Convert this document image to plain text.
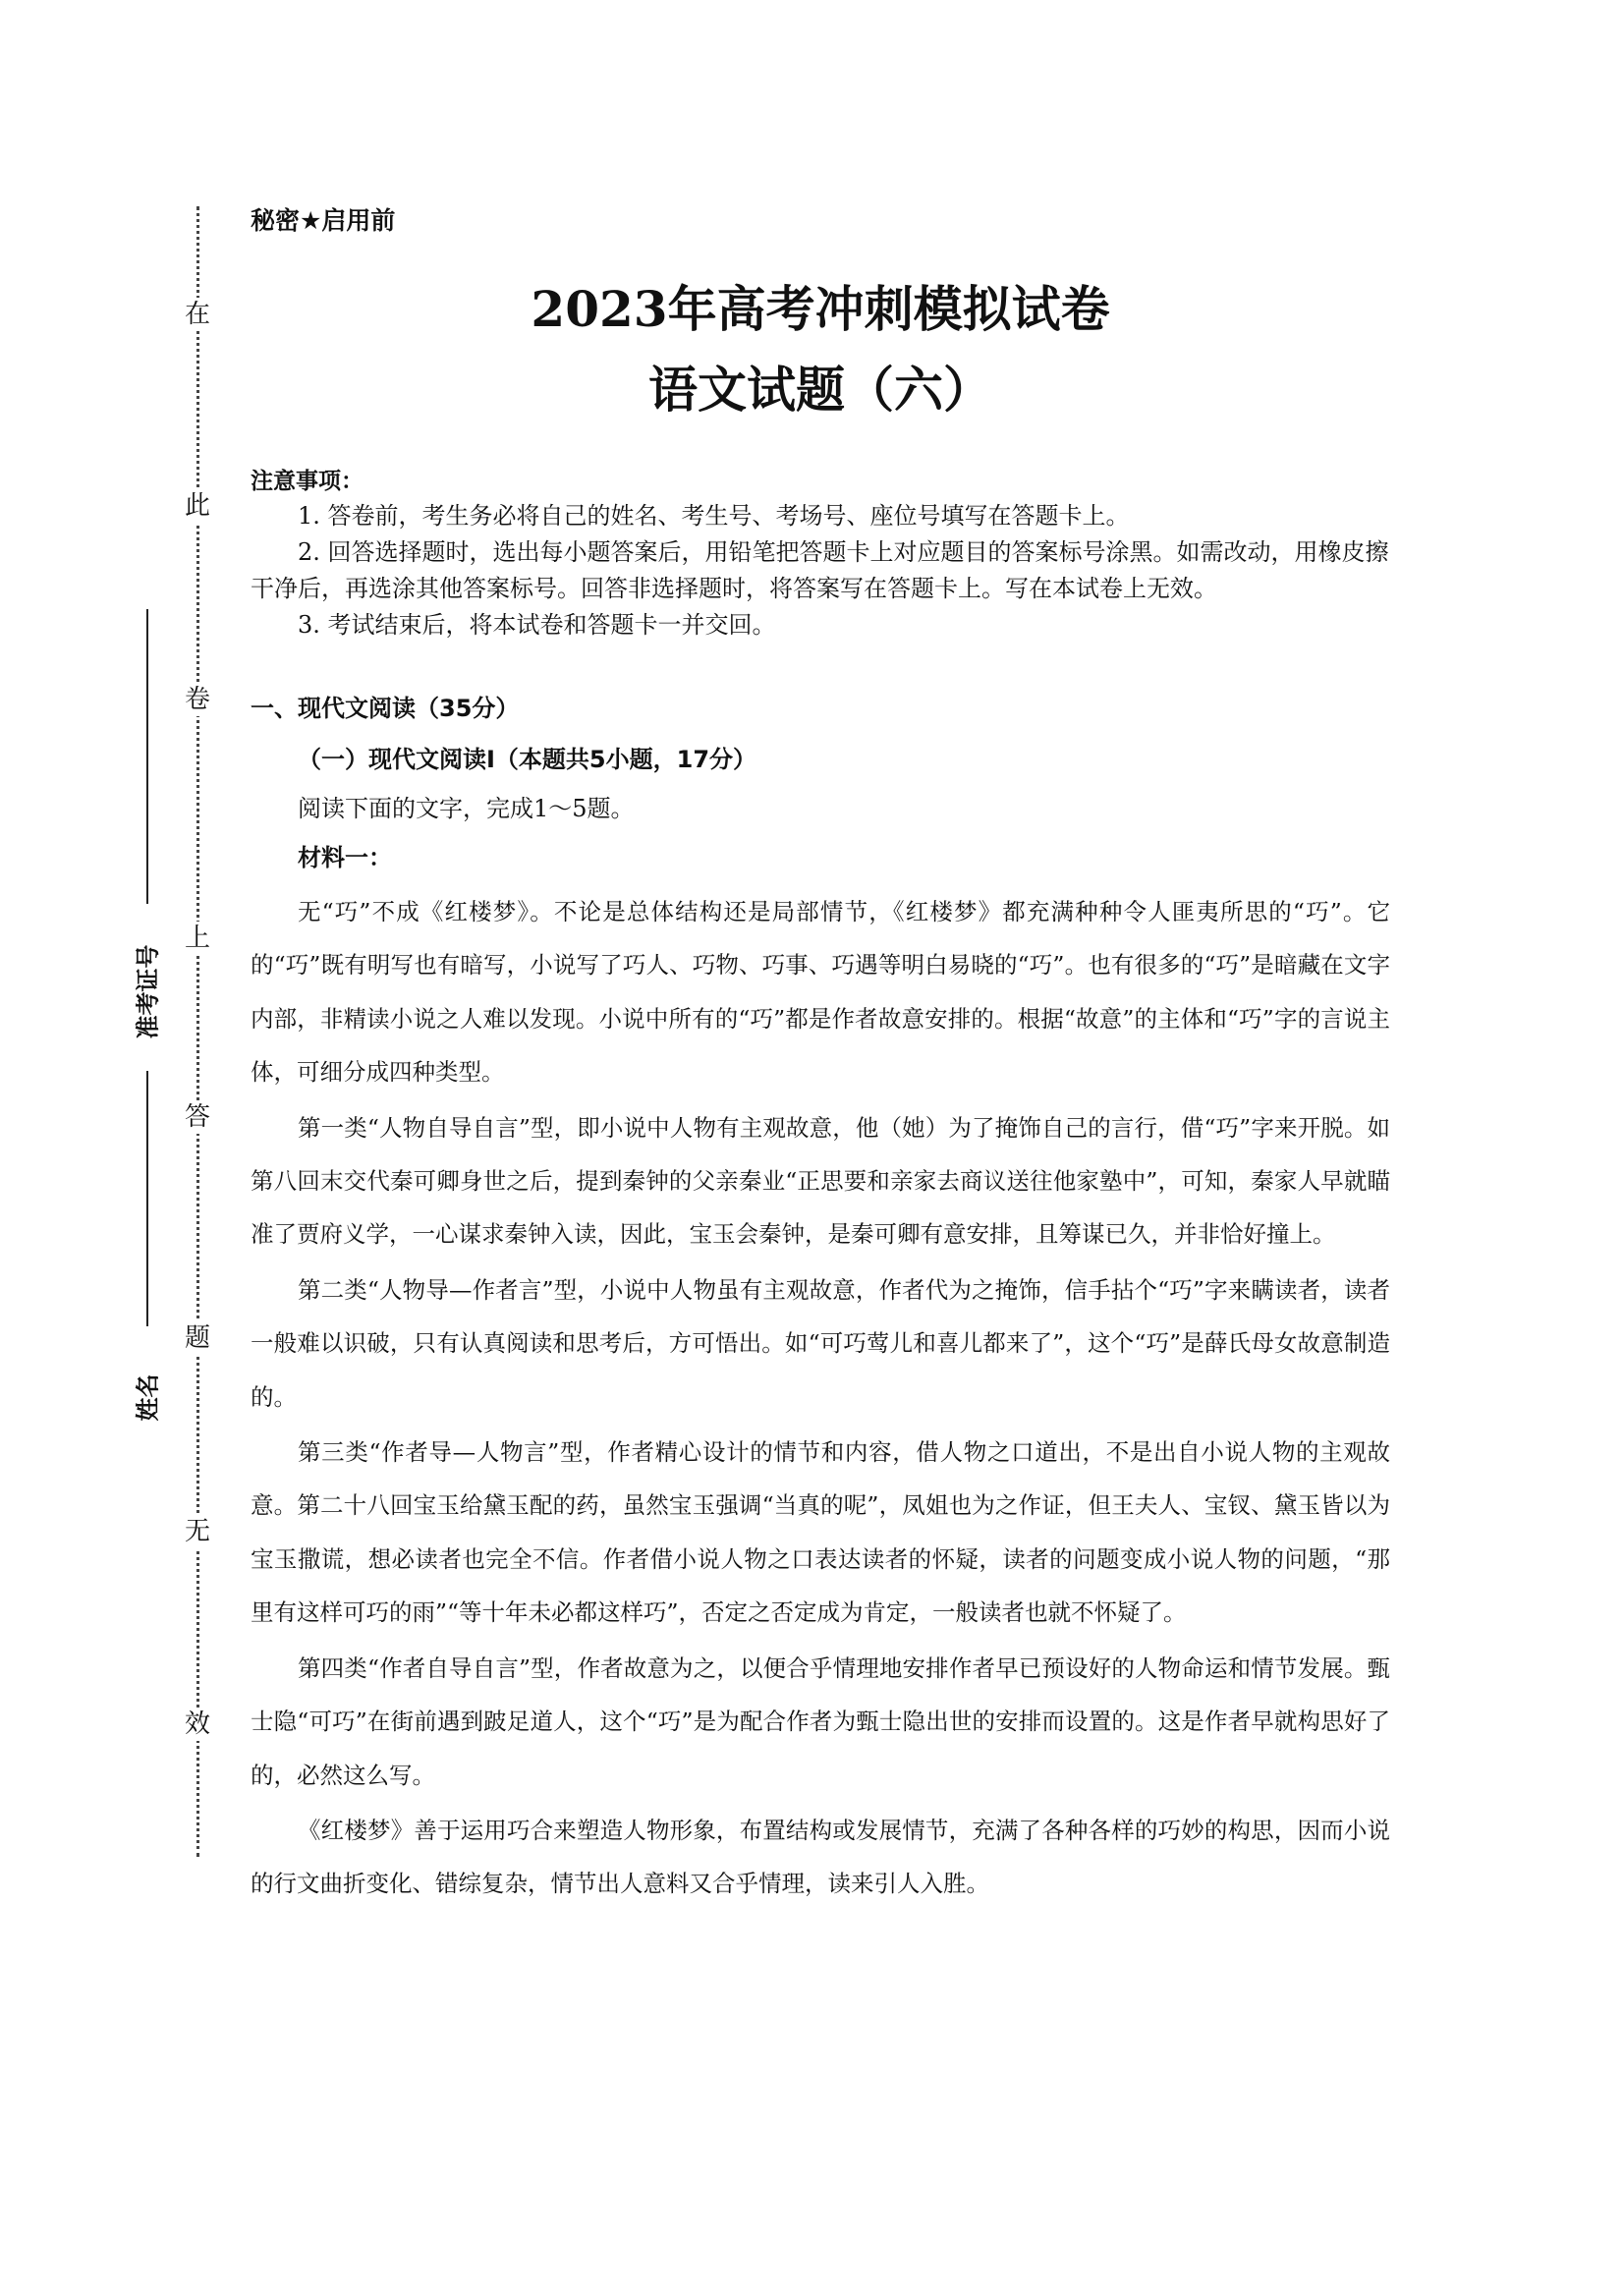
在
此
卷
上
答
题
无
效
准考证号
姓名

秘密★启用前

2023年高考冲刺模拟试卷
语文试题（六）

注意事项：

1. 答卷前，考生务必将自己的姓名、考生号、考场号、座位号填写在答题卡上。

2. 回答选择题时，选出每小题答案后，用铅笔把答题卡上对应题目的答案标号涂黑。如需改动，用橡皮擦干净后，再选涂其他答案标号。回答非选择题时，将答案写在答题卡上。写在本试卷上无效。

3. 考试结束后，将本试卷和答题卡一并交回。

一、现代文阅读（35分）

（一）现代文阅读Ⅰ（本题共5小题，17分）

阅读下面的文字，完成1～5题。

材料一：

无“巧”不成《红楼梦》。不论是总体结构还是局部情节，《红楼梦》都充满种种令人匪夷所思的“巧”。它的“巧”既有明写也有暗写，小说写了巧人、巧物、巧事、巧遇等明白易晓的“巧”。也有很多的“巧”是暗藏在文字内部，非精读小说之人难以发现。小说中所有的“巧”都是作者故意安排的。根据“故意”的主体和“巧”字的言说主体，可细分成四种类型。

第一类“人物自导自言”型，即小说中人物有主观故意，他（她）为了掩饰自己的言行，借“巧”字来开脱。如第八回末交代秦可卿身世之后，提到秦钟的父亲秦业“正思要和亲家去商议送往他家塾中”，可知，秦家人早就瞄准了贾府义学，一心谋求秦钟入读，因此，宝玉会秦钟，是秦可卿有意安排，且筹谋已久，并非恰好撞上。

第二类“人物导—作者言”型，小说中人物虽有主观故意，作者代为之掩饰，信手拈个“巧”字来瞒读者，读者一般难以识破，只有认真阅读和思考后，方可悟出。如“可巧莺儿和喜儿都来了”，这个“巧”是薛氏母女故意制造的。

第三类“作者导—人物言”型，作者精心设计的情节和内容，借人物之口道出，不是出自小说人物的主观故意。第二十八回宝玉给黛玉配的药，虽然宝玉强调“当真的呢”，凤姐也为之作证，但王夫人、宝钗、黛玉皆以为宝玉撒谎，想必读者也完全不信。作者借小说人物之口表达读者的怀疑，读者的问题变成小说人物的问题，“那里有这样可巧的雨”“等十年未必都这样巧”，否定之否定成为肯定，一般读者也就不怀疑了。

第四类“作者自导自言”型，作者故意为之，以便合乎情理地安排作者早已预设好的人物命运和情节发展。甄士隐“可巧”在街前遇到跛足道人，这个“巧”是为配合作者为甄士隐出世的安排而设置的。这是作者早就构思好了的，必然这么写。

《红楼梦》善于运用巧合来塑造人物形象，布置结构或发展情节，充满了各种各样的巧妙的构思，因而小说的行文曲折变化、错综复杂，情节出人意料又合乎情理，读来引人入胜。
